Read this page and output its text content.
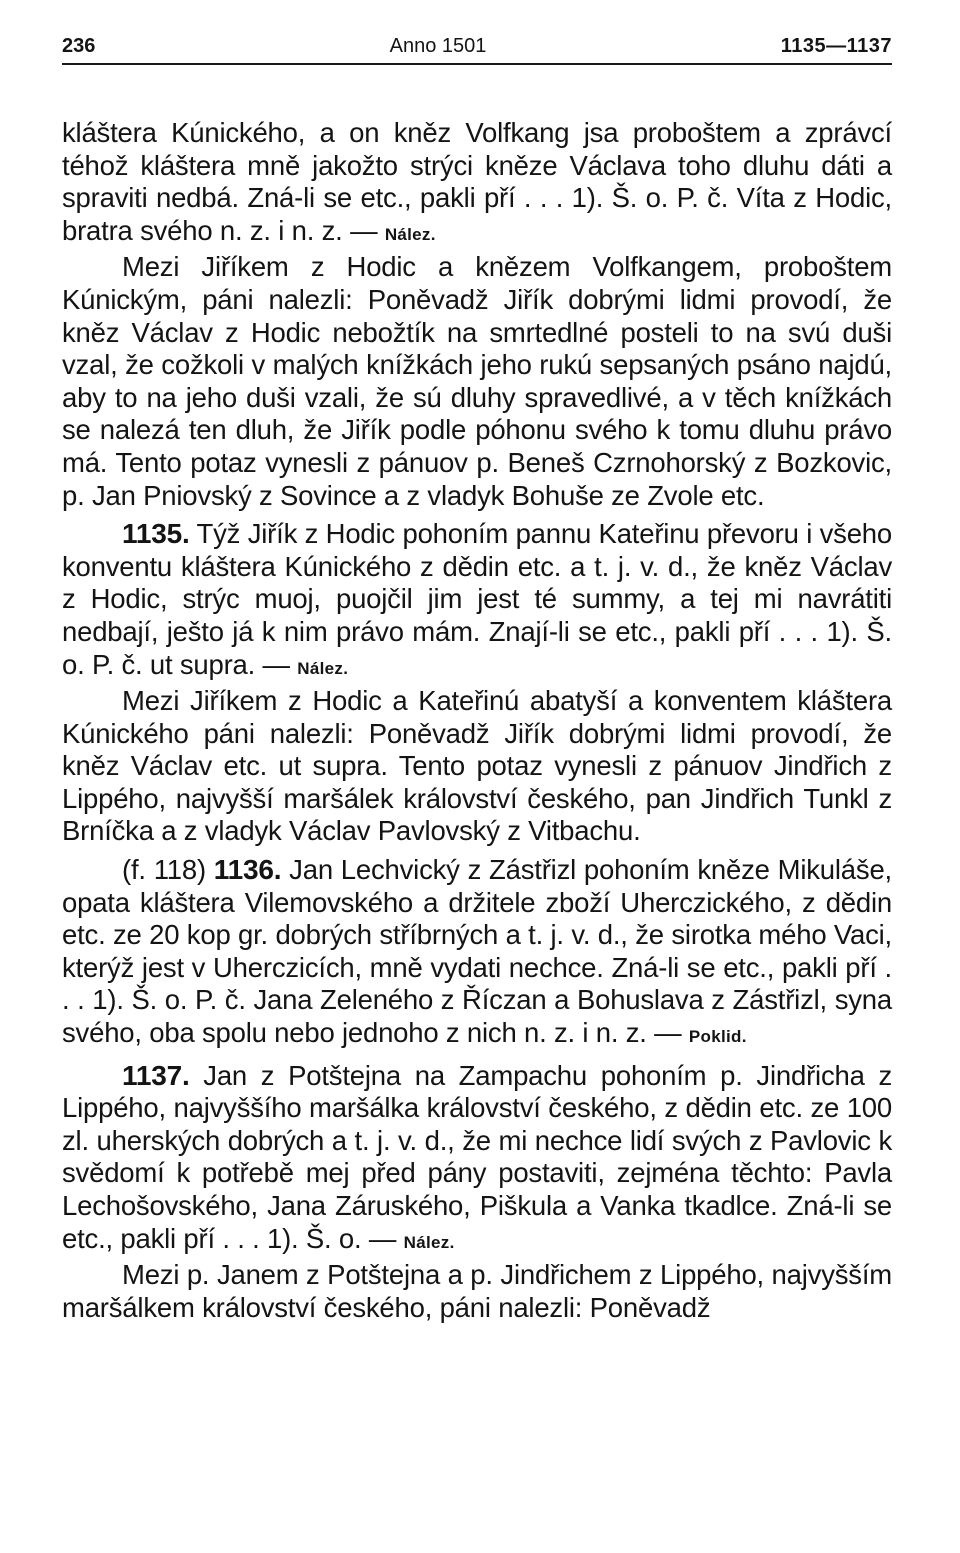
236	Anno 1501	1135—1137

kláštera Kúnického, a on kněz Volfkang jsa proboštem a zprávcí téhož kláštera mně jakožto strýci kněze Václava toho dluhu dáti a spraviti nedbá. Zná-li se etc., pakli pří . . . 1). Š. o. P. č. Víta z Hodic, bratra svého n. z. i n. z. — Nález.

Mezi Jiříkem z Hodic a knězem Volfkangem, proboštem Kúnickým, páni nalezli: Poněvadž Jiřík dobrými lidmi provodí, že kněz Václav z Hodic nebožtík na smrtedlné posteli to na svú duši vzal, že cožkoli v malých knížkách jeho rukú sepsaných psáno najdú, aby to na jeho duši vzali, že sú dluhy spravedlivé, a v těch knížkách se nalezá ten dluh, že Jiřík podle póhonu svého k tomu dluhu právo má. Tento potaz vynesli z pánuov p. Beneš Czrnohorský z Bozkovic, p. Jan Pniovský z Sovince a z vladyk Bohuše ze Zvole etc.

1135. Týž Jiřík z Hodic pohoním pannu Kateřinu převoru i všeho konventu kláštera Kúnického z dědin etc. a t. j. v. d., že kněz Václav z Hodic, strýc muoj, puojčil jim jest té summy, a tej mi navrátiti nedbají, ješto já k nim právo mám. Znají-li se etc., pakli pří . . . 1). Š. o. P. č. ut supra. — Nález.

Mezi Jiříkem z Hodic a Kateřinú abatyší a konventem kláštera Kúnického páni nalezli: Poněvadž Jiřík dobrými lidmi provodí, že kněz Václav etc. ut supra. Tento potaz vynesli z pánuov Jindřich z Lippého, najvyšší maršálek království českého, pan Jindřich Tunkl z Brníčka a z vladyk Václav Pavlovský z Vitbachu.

(f. 118) 1136. Jan Lechvický z Zástřizl pohoním kněze Mikuláše, opata kláštera Vilemovského a držitele zboží Uherczického, z dědin etc. ze 20 kop gr. dobrých stříbrných a t. j. v. d., že sirotka mého Vaci, kterýž jest v Uherczicích, mně vydati nechce. Zná-li se etc., pakli pří . . . 1). Š. o. P. č. Jana Zeleného z Říczan a Bohuslava z Zástřizl, syna svého, oba spolu nebo jednoho z nich n. z. i n. z. — Poklid.

1137. Jan z Potštejna na Zampachu pohoním p. Jindřicha z Lippého, najvyššího maršálka království českého, z dědin etc. ze 100 zl. uherských dobrých a t. j. v. d., že mi nechce lidí svých z Pavlovic k svědomí k potřebě mej před pány postaviti, zejména těchto: Pavla Lechošovského, Jana Záruského, Piškula a Vanka tkadlce. Zná-li se etc., pakli pří . . . 1). Š. o. — Nález.

Mezi p. Janem z Potštejna a p. Jindřichem z Lippého, najvyšším maršálkem království českého, páni nalezli: Poněvadž
